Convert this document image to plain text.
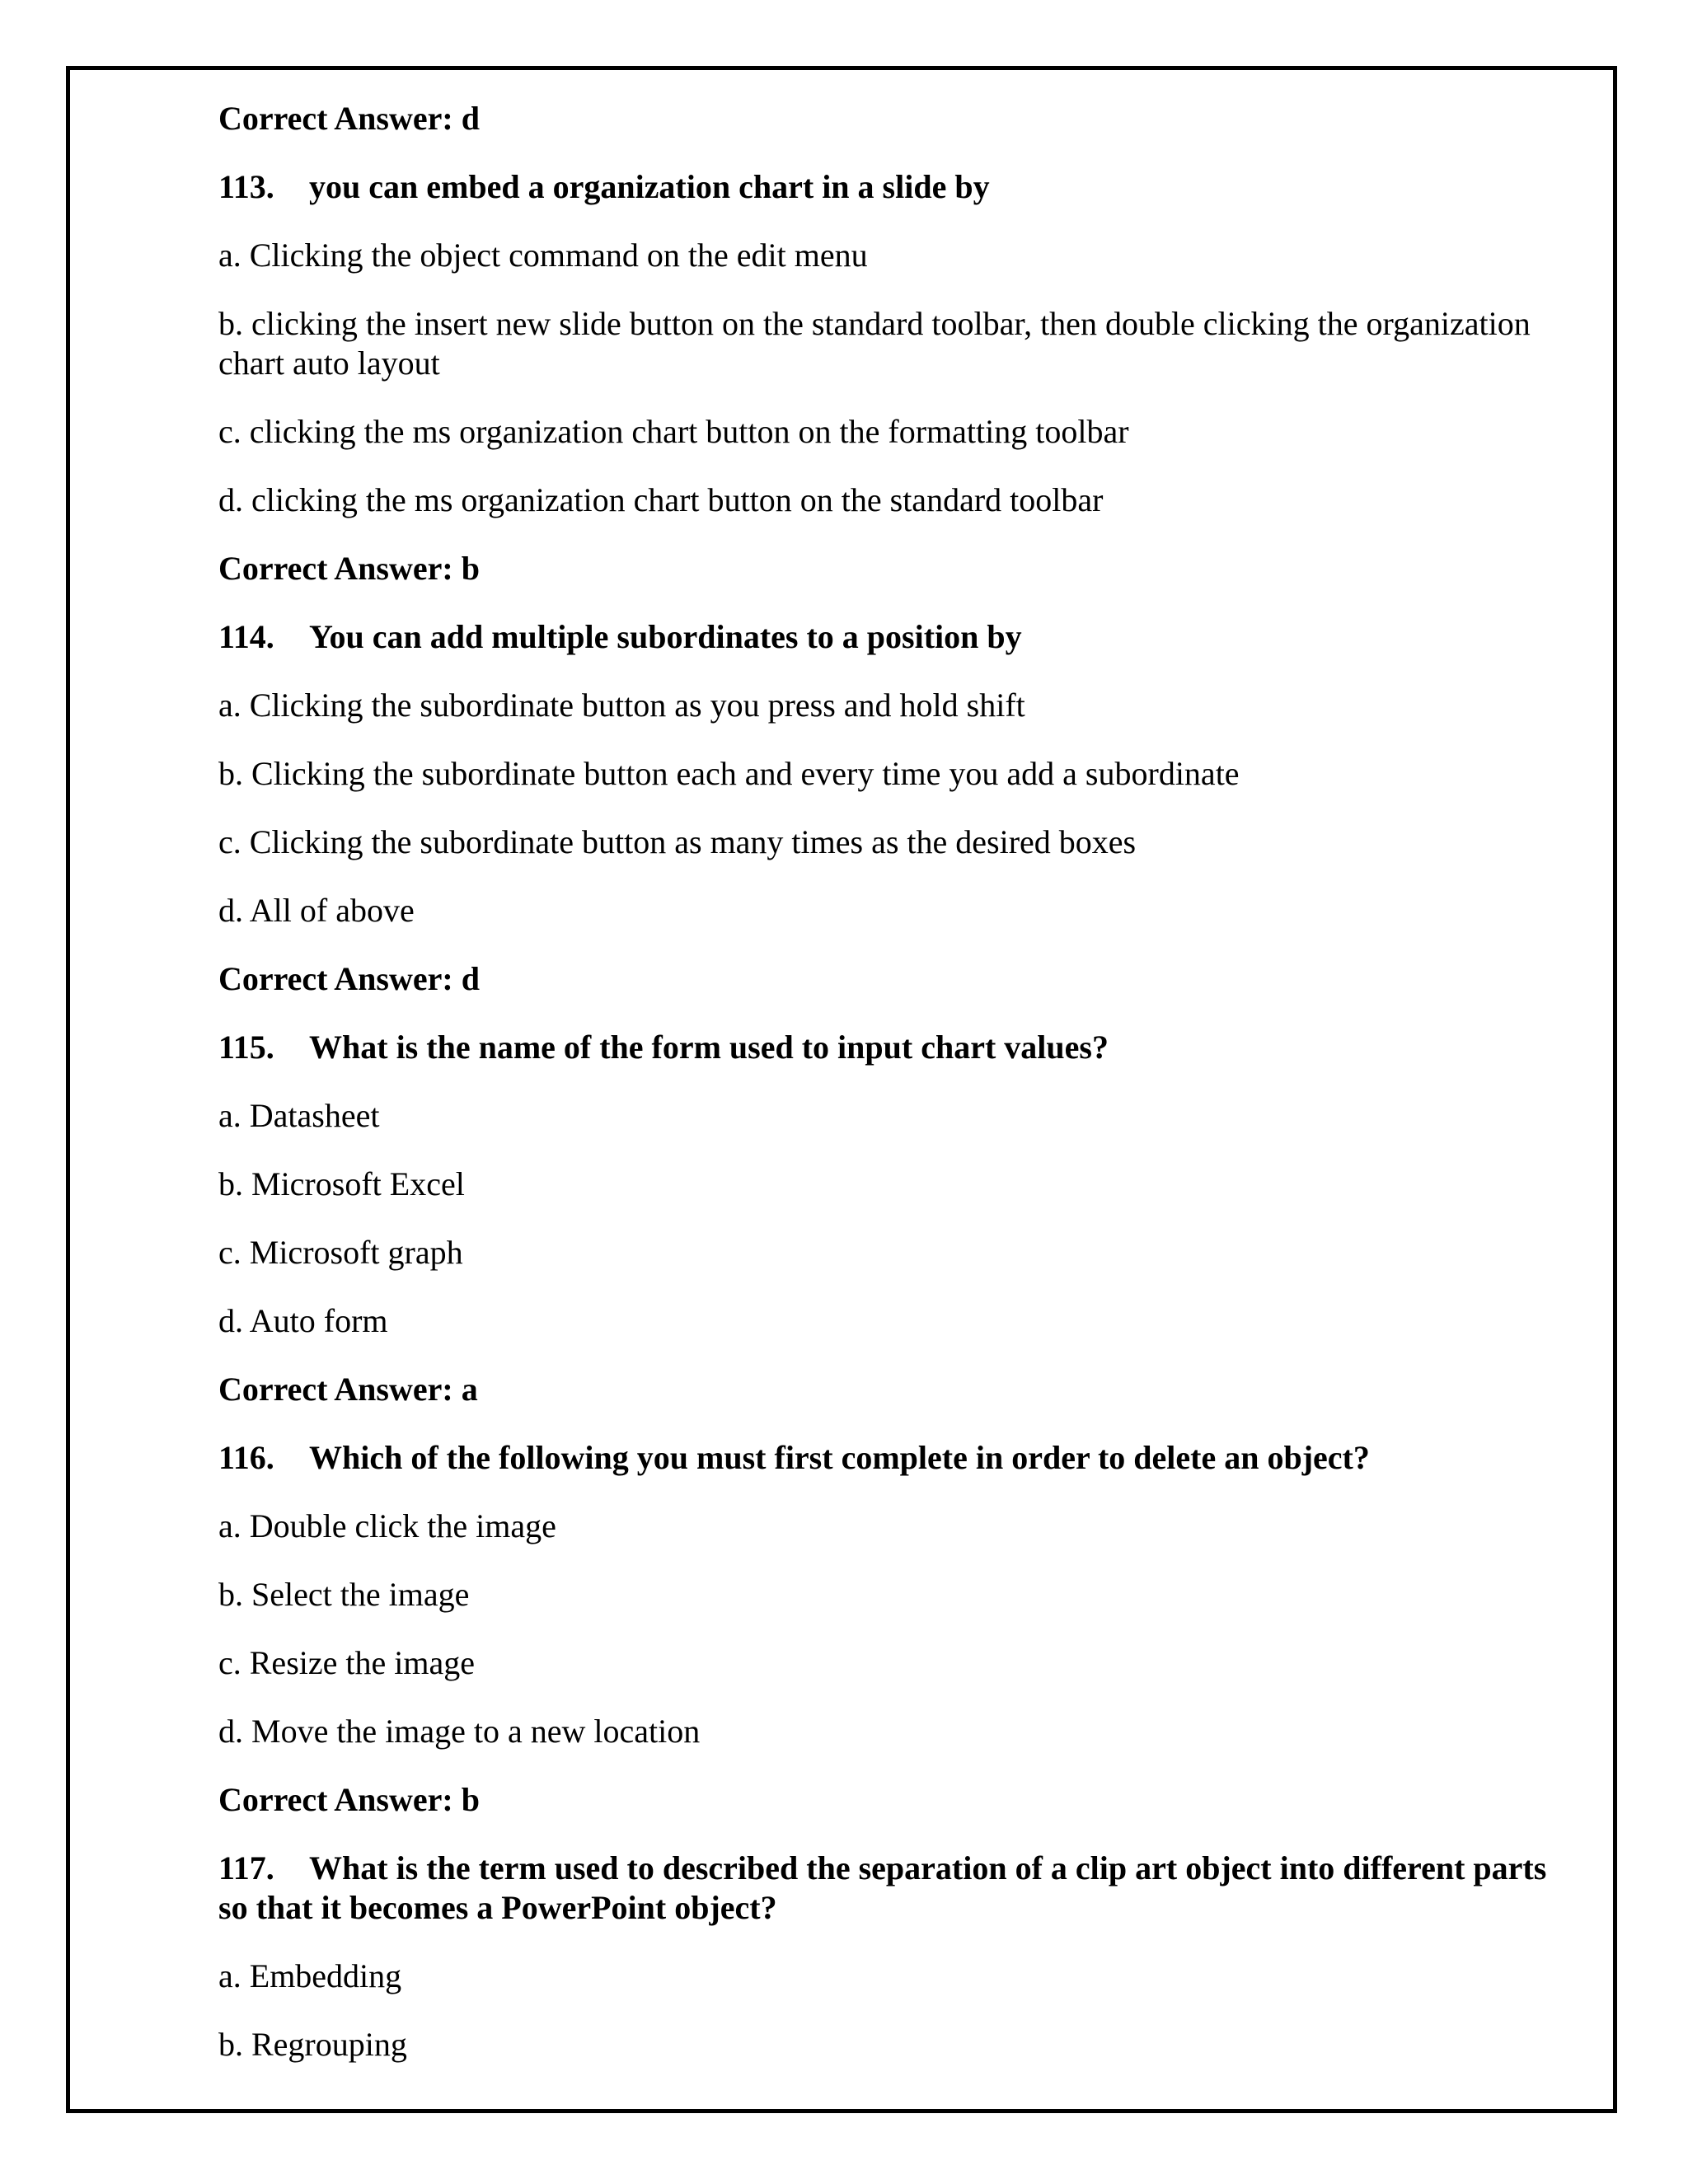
Correct Answer: d
113.	you can embed a organization chart in a slide by
a. Clicking the object command on the edit menu
b. clicking the insert new slide button on the standard toolbar, then double clicking the organization chart auto layout
c. clicking the ms organization chart button on the formatting toolbar
d. clicking the ms organization chart button on the standard toolbar
Correct Answer: b
114.	You can add multiple subordinates to a position by
a. Clicking the subordinate button as you press and hold shift
b. Clicking the subordinate button each and every time you add a subordinate
c. Clicking the subordinate button as many times as the desired boxes
d. All of above
Correct Answer: d
115.	What is the name of the form used to input chart values?
a. Datasheet
b. Microsoft Excel
c. Microsoft graph
d. Auto form
Correct Answer: a
116.	Which of the following you must first complete in order to delete an object?
a. Double click the image
b. Select the image
c. Resize the image
d. Move the image to a new location
Correct Answer: b
117. What is the term used to described the separation of a clip art object into different parts so that it becomes a PowerPoint object?
a. Embedding
b. Regrouping
